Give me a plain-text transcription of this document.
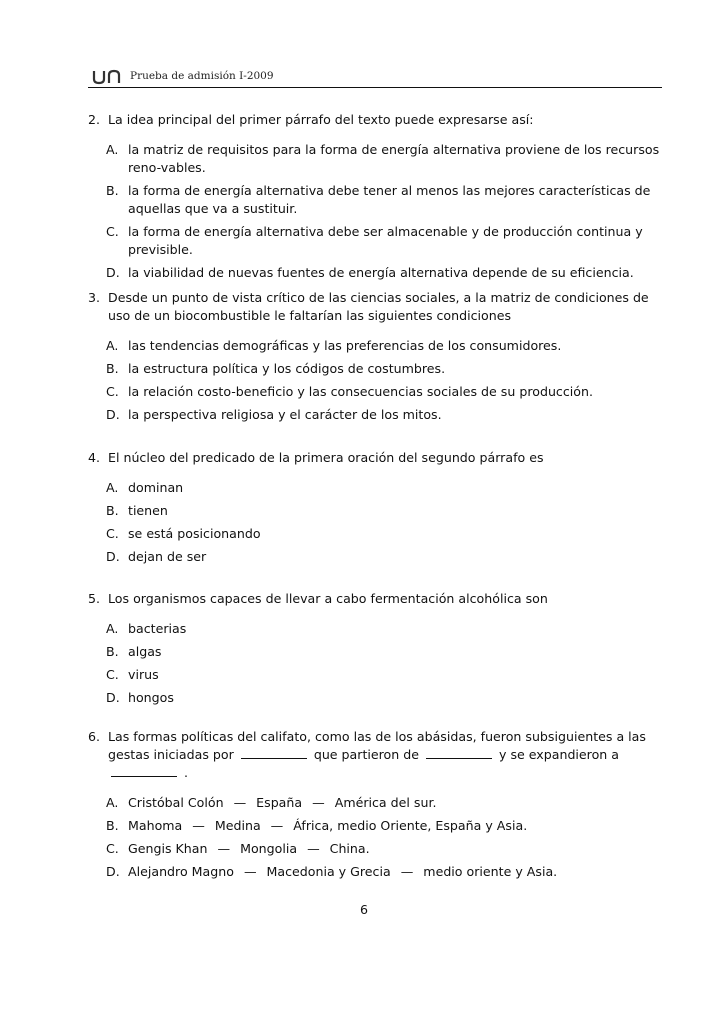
Prueba de admisión I-2009

2. La idea principal del primer párrafo del texto puede expresarse así:

A. la matriz de requisitos para la forma de energía alternativa proviene de los recursos reno-vables.

B. la forma de energía alternativa debe tener al menos las mejores características de aquellas que va a sustituir.

C. la forma de energía alternativa debe ser almacenable y de producción continua y previsible.

D. la viabilidad de nuevas fuentes de energía alternativa depende de su eficiencia.

3. Desde un punto de vista crítico de las ciencias sociales, a la matriz de condiciones de uso de un biocombustible le faltarían las siguientes condiciones

A. las tendencias demográficas y las preferencias de los consumidores.

B. la estructura política y los códigos de costumbres.

C. la relación costo-beneficio y las consecuencias sociales de su producción.

D. la perspectiva religiosa y el carácter de los mitos.

4. El núcleo del predicado de la primera oración del segundo párrafo es

A. dominan

B. tienen

C. se está posicionando

D. dejan de ser

5. Los organismos capaces de llevar a cabo fermentación alcohólica son

A. bacterias

B. algas

C. virus

D. hongos

6. Las formas políticas del califato, como las de los abásidas, fueron subsiguientes a las gestas iniciadas por	que partieron de	y se expandieron a  .

A. Cristóbal Colón — España — América del sur.

B. Mahoma — Medina — África, medio Oriente, España y Asia.

C. Gengis Khan — Mongolia — China.

D. Alejandro Magno — Macedonia y Grecia — medio oriente y Asia.

6
